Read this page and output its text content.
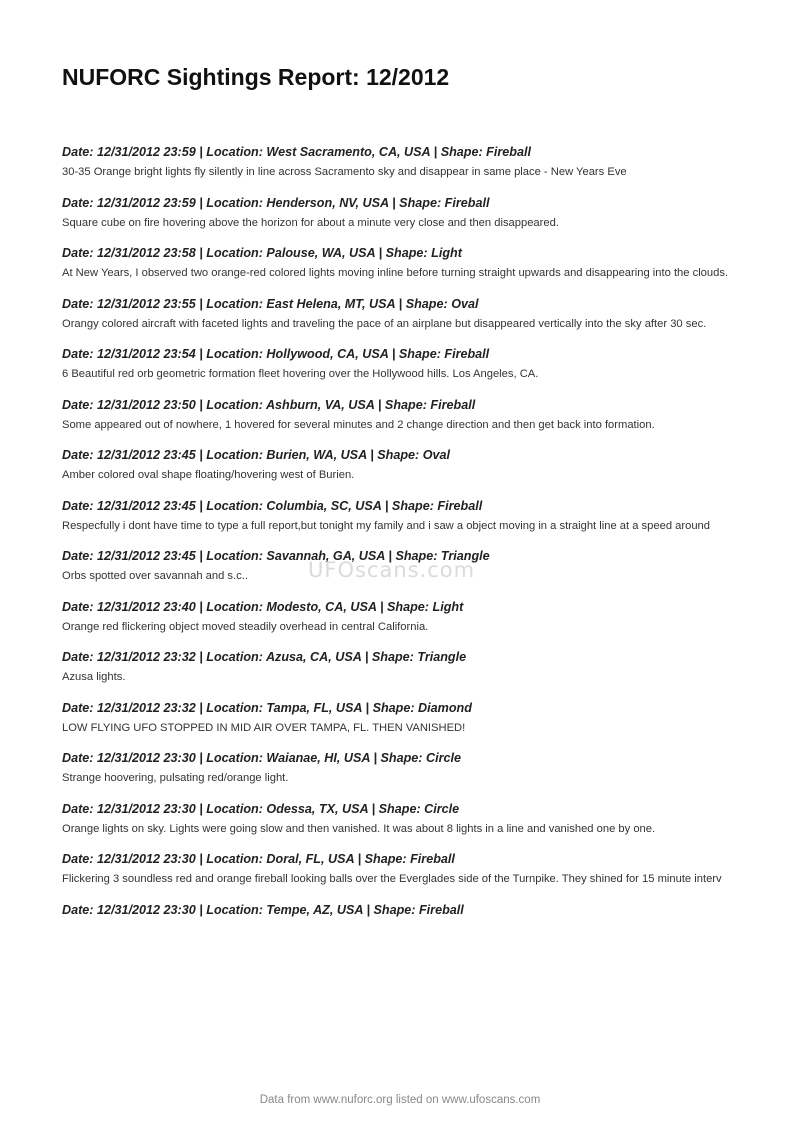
NUFORC Sightings Report: 12/2012

Date: 12/31/2012 23:59 | Location: West Sacramento, CA, USA | Shape: Fireball

30-35 Orange bright lights fly silently in line across Sacramento sky and disappear in same place - New Years Eve

Date: 12/31/2012 23:59 | Location: Henderson, NV, USA | Shape: Fireball

Square cube on fire hovering above the horizon for about a minute very close and then disappeared.

Date: 12/31/2012 23:58 | Location: Palouse, WA, USA | Shape: Light

At New Years, I observed two orange-red colored lights moving inline before turning straight upwards and disappearing into the clouds.

Date: 12/31/2012 23:55 | Location: East Helena, MT, USA | Shape: Oval

Orangy colored aircraft with faceted lights and traveling the pace of an airplane but disappeared vertically into the sky after 30 sec.

Date: 12/31/2012 23:54 | Location: Hollywood, CA, USA | Shape: Fireball

6 Beautiful red orb geometric formation fleet hovering over the Hollywood hills. Los Angeles, CA.

Date: 12/31/2012 23:50 | Location: Ashburn, VA, USA | Shape: Fireball

Some appeared out of nowhere, 1 hovered for several minutes and 2 change direction and then get back into formation.

Date: 12/31/2012 23:45 | Location: Burien, WA, USA | Shape: Oval

Amber colored oval shape floating/hovering west of Burien.

Date: 12/31/2012 23:45 | Location: Columbia, SC, USA | Shape: Fireball

Respecfully i dont have time to type a full report,but tonight my family and i saw a object moving in a straight line at a speed around

Date: 12/31/2012 23:45 | Location: Savannah, GA, USA | Shape: Triangle

Orbs spotted over savannah and s.c..

Date: 12/31/2012 23:40 | Location: Modesto, CA, USA | Shape: Light

Orange red flickering object moved steadily overhead in central California.

Date: 12/31/2012 23:32 | Location: Azusa, CA, USA | Shape: Triangle

Azusa lights.

Date: 12/31/2012 23:32 | Location: Tampa, FL, USA | Shape: Diamond

LOW FLYING UFO STOPPED IN MID AIR OVER TAMPA, FL. THEN VANISHED!

Date: 12/31/2012 23:30 | Location: Waianae, HI, USA | Shape: Circle

Strange hoovering, pulsating red/orange light.

Date: 12/31/2012 23:30 | Location: Odessa, TX, USA | Shape: Circle

Orange lights on sky. Lights were going slow and then vanished. It was about 8 lights in a line and vanished one by one.

Date: 12/31/2012 23:30 | Location: Doral, FL, USA | Shape: Fireball

Flickering 3 soundless red and orange fireball looking balls over the Everglades side of the Turnpike. They shined for 15 minute interv

Date: 12/31/2012 23:30 | Location: Tempe, AZ, USA | Shape: Fireball

UFOscans.com
Data from www.nuforc.org listed on www.ufoscans.com
